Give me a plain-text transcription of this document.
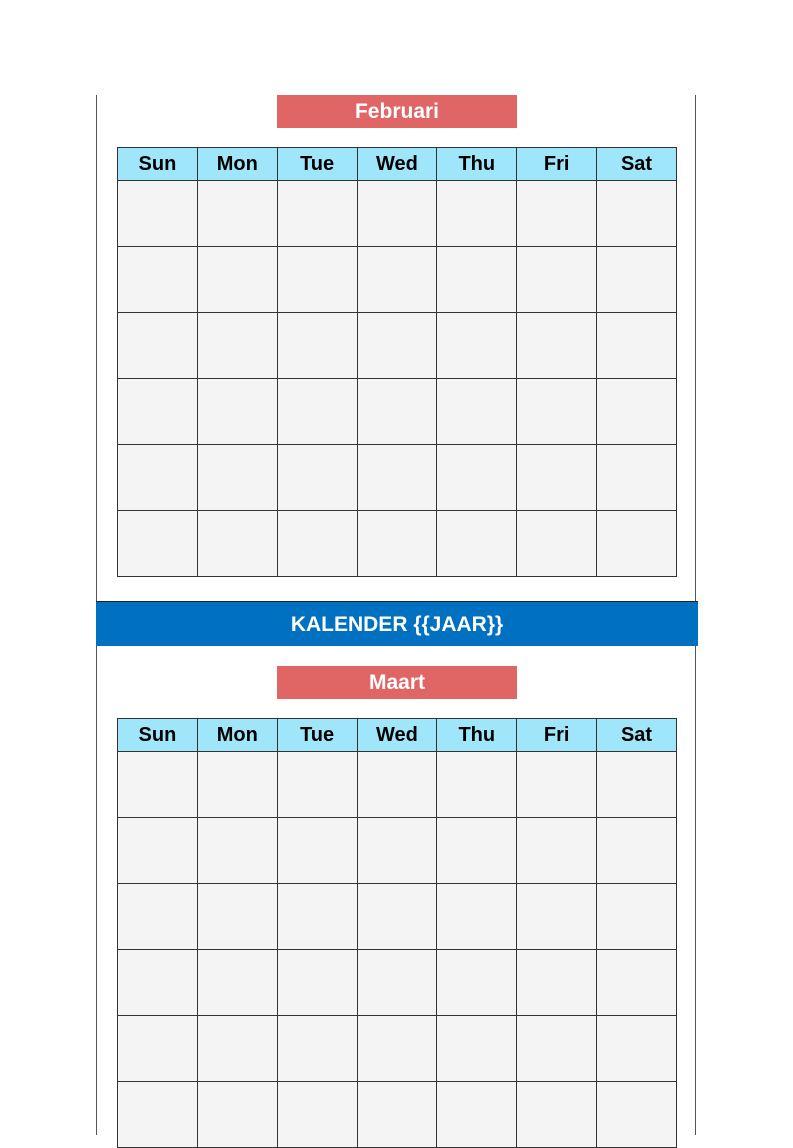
Februari
Sun	Mon	Tue	Wed	Thu	Fri	Sat

KALENDER {{JAAR}}
Maart
Sun	Mon	Tue	Wed	Thu	Fri	Sat
